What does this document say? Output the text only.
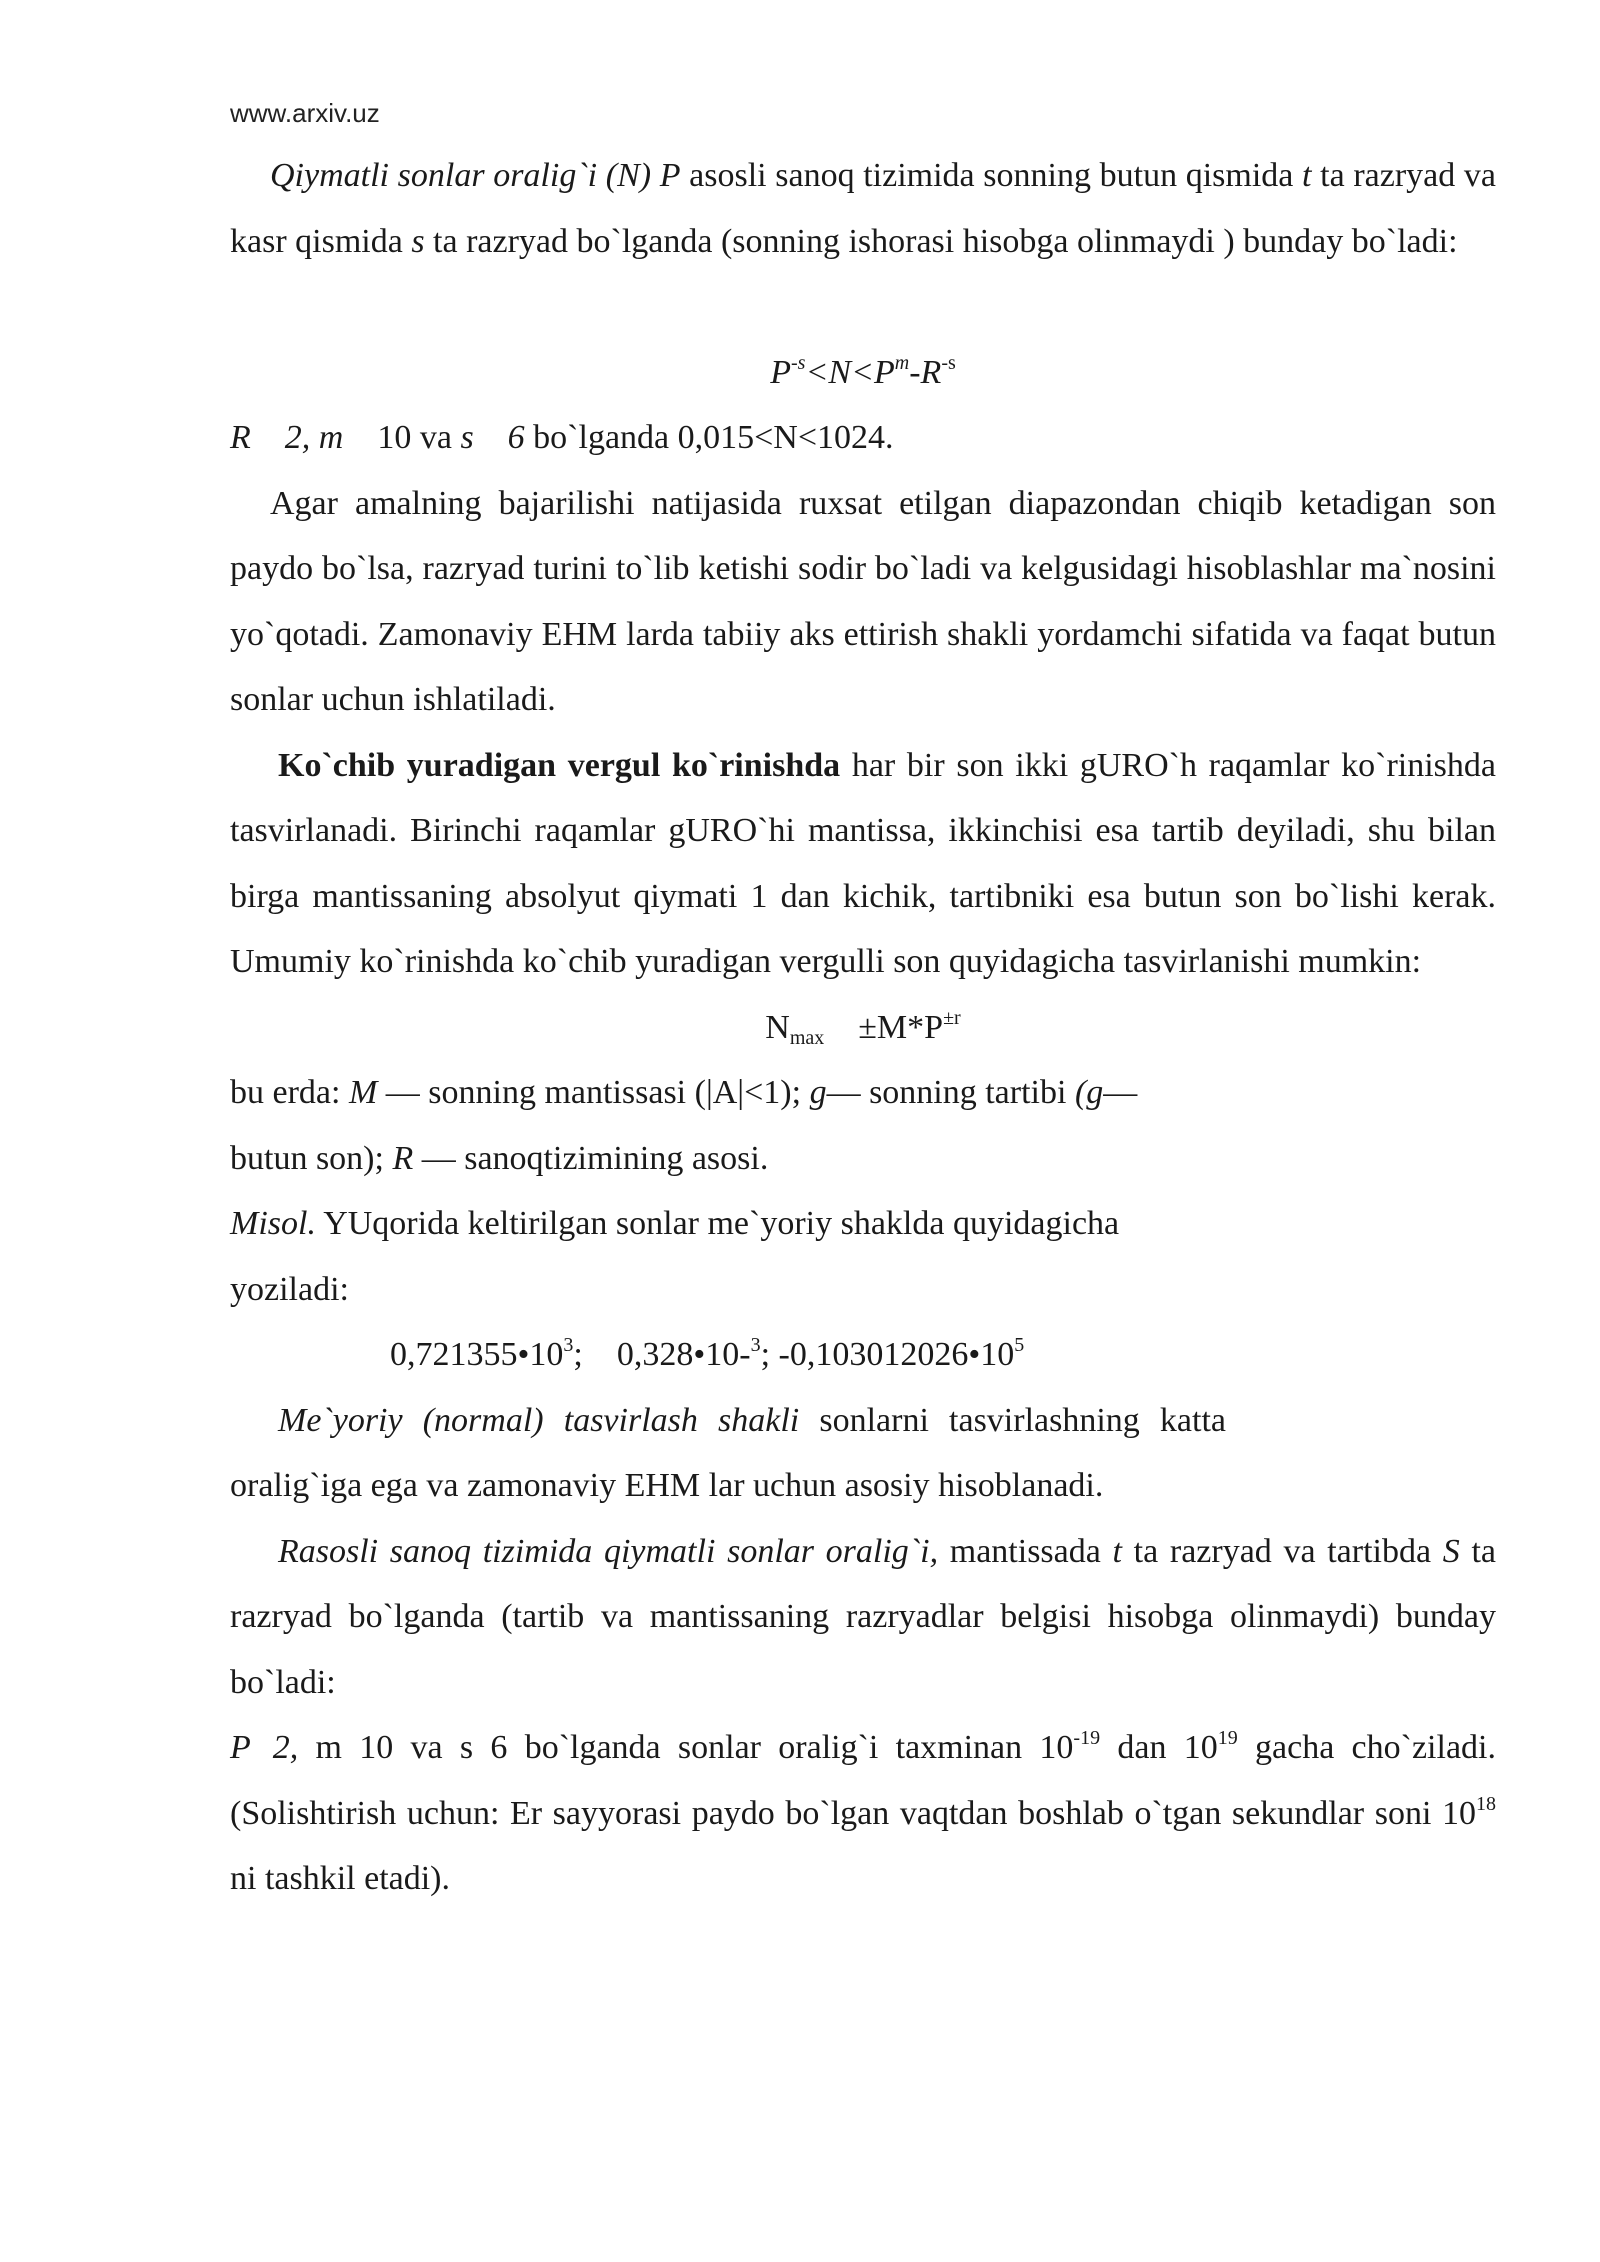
www.arxiv.uz

Qiymatli sonlar oralig`i (N) P asosli sanoq tizimida sonning butun qismida t ta razryad va kasr qismida s ta razryad bo`lganda (sonning ishorasi hisobga olinmaydi ) bunday bo`ladi:

$P^{-s}<N<P^m-R^{-s}$

R 2, m 10 va s 6 bo`lganda 0,015<N<1024.

Agar amalning bajarilishi natijasida ruxsat etilgan diapazondan chiqib ketadigan son paydo bo`lsa, razryad turini to`lib ketishi sodir bo`ladi va kelgusidagi hisoblashlar ma`nosini yo`qotadi. Zamonaviy EHM larda tabiiy aks ettirish shakli yordamchi sifatida va faqat butun sonlar uchun ishlatiladi.

Ko`chib yuradigan vergul ko`rinishda har bir son ikki gURO`h raqamlar ko`rinishda tasvirlanadi. Birinchi raqamlar gURO`hi mantissa, ikkinchisi esa tartib deyiladi, shu bilan birga mantissaning absolyut qiymati 1 dan kichik, tartibniki esa butun son bo`lishi kerak. Umumiy ko`rinishda ko`chib yuradigan vergulli son quyidagicha tasvirlanishi mumkin:

$N_{max} \pm M*P^{\pm r}$

bu erda: M — sonning mantissasi (|A|<1); g— sonning tartibi (g—
butun son); R — sanoqtizimining asosi.

Misol. YUqorida keltirilgan sonlar me`yoriy shaklda quyidagicha
yoziladi:

$0,721355•10^3$; 0,328•10-$^3$; $-0,103012026•10^5$

Me`yoriy (normal) tasvirlash shakli sonlarni tasvirlashning katta oralig`iga ega va zamonaviy EHM lar uchun asosiy hisoblanadi.

Rasosli sanoq tizimida qiymatli sonlar oralig`i, mantissada t ta razryad va tartibda S ta razryad bo`lganda (tartib va mantissaning razryadlar belgisi hisobga olinmaydi) bunday bo`ladi:

P 2, m 10 va s 6 bo`lganda sonlar oralig`i taxminan $10^{-19}$ dan $10^{19}$ gacha cho`ziladi. (Solishtirish uchun: Er sayyorasi paydo bo`lgan vaqtdan boshlab o`tgan sekundlar soni $10^{18}$ ni tashkil etadi).
